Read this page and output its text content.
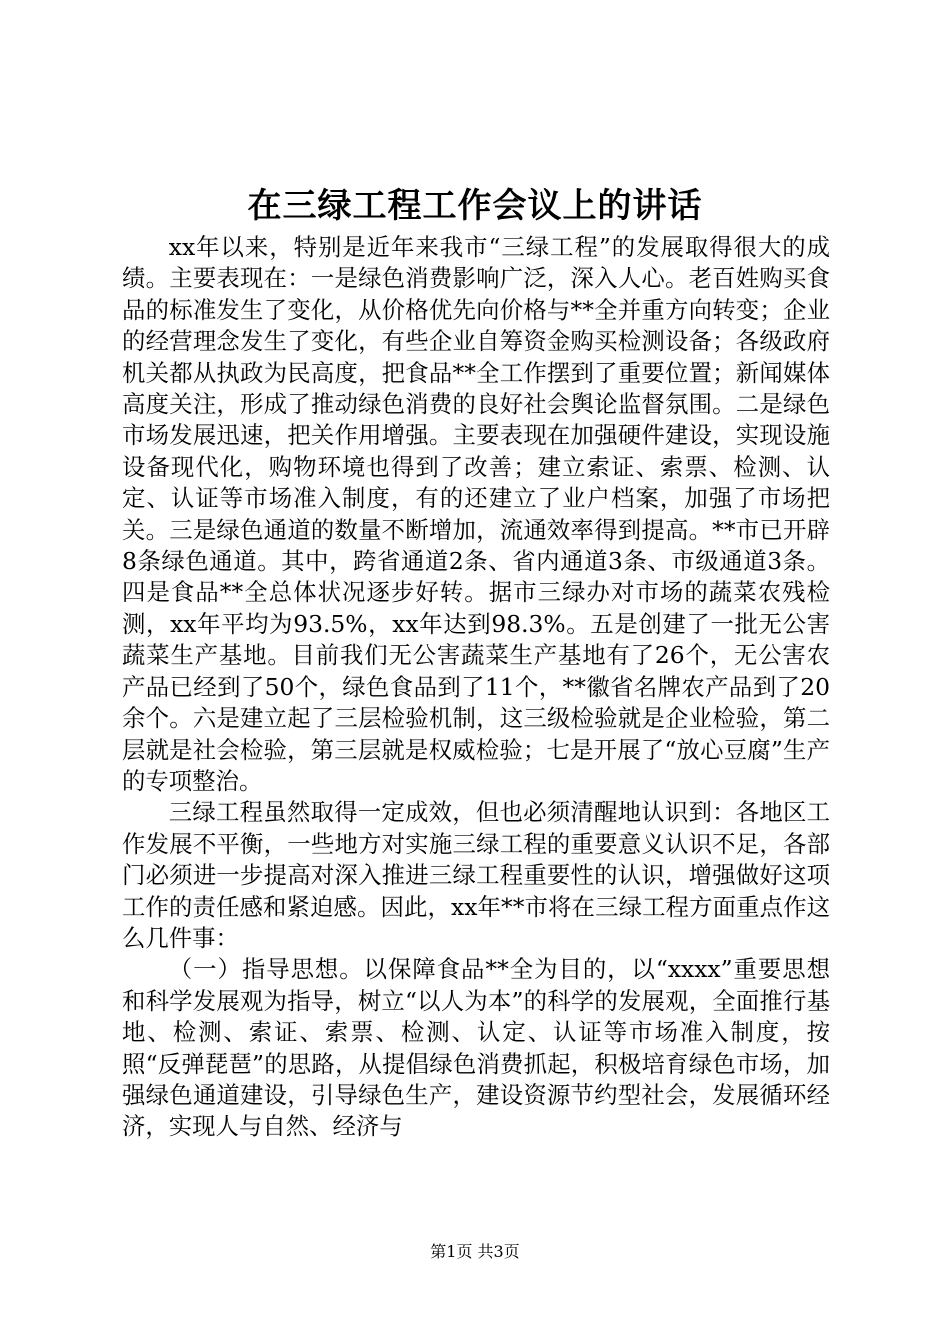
在三绿工程工作会议上的讲话

xx年以来，特别是近年来我市“三绿工程”的发展取得很大的成绩。主要表现在：一是绿色消费影响广泛，深入人心。老百姓购买食品的标准发生了变化，从价格优先向价格与**全并重方向转变；企业的经营理念发生了变化，有些企业自筹资金购买检测设备；各级政府机关都从执政为民高度，把食品**全工作摆到了重要位置；新闻媒体高度关注，形成了推动绿色消费的良好社会舆论监督氛围。二是绿色市场发展迅速，把关作用增强。主要表现在加强硬件建设，实现设施设备现代化，购物环境也得到了改善；建立索证、索票、检测、认定、认证等市场准入制度，有的还建立了业户档案，加强了市场把关。三是绿色通道的数量不断增加，流通效率得到提高。**市已开辟8条绿色通道。其中，跨省通道2条、省内通道3条、市级通道3条。四是食品**全总体状况逐步好转。据市三绿办对市场的蔬菜农残检测，xx年平均为93.5%，xx年达到98.3%。五是创建了一批无公害蔬菜生产基地。目前我们无公害蔬菜生产基地有了26个，无公害农产品已经到了50个，绿色食品到了11个，**徽省名牌农产品到了20余个。六是建立起了三层检验机制，这三级检验就是企业检验，第二层就是社会检验，第三层就是权威检验；七是开展了“放心豆腐”生产的专项整治。

三绿工程虽然取得一定成效，但也必须清醒地认识到：各地区工作发展不平衡，一些地方对实施三绿工程的重要意义认识不足，各部门必须进一步提高对深入推进三绿工程重要性的认识，增强做好这项工作的责任感和紧迫感。因此，xx年**市将在三绿工程方面重点作这么几件事：

（一）指导思想。以保障食品**全为目的，以“xxxx”重要思想和科学发展观为指导，树立“以人为本”的科学的发展观，全面推行基地、检测、索证、索票、检测、认定、认证等市场准入制度，按照“反弹琵琶”的思路，从提倡绿色消费抓起，积极培育绿色市场，加强绿色通道建设，引导绿色生产，建设资源节约型社会，发展循环经济，实现人与自然、经济与

第1页 共3页
